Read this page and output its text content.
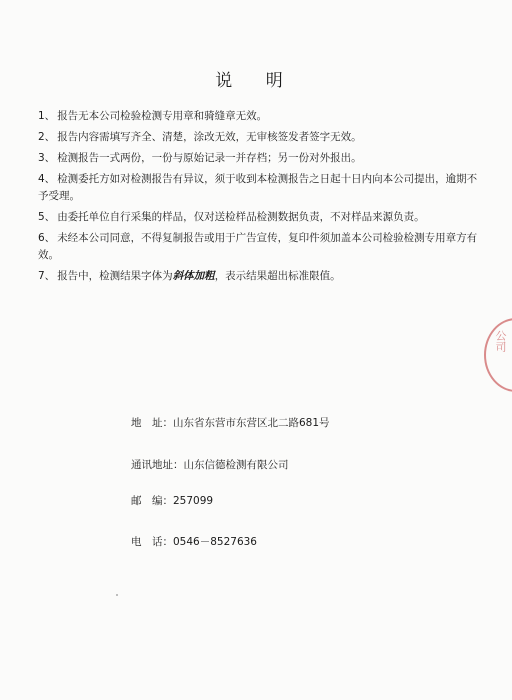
说 明

1、 报告无本公司检验检测专用章和骑缝章无效。

2、 报告内容需填写齐全、清楚，涂改无效，无审核签发者签字无效。

3、 检测报告一式两份，一份与原始记录一并存档；另一份对外报出。

4、 检测委托方如对检测报告有异议，须于收到本检测报告之日起十日内向本公司提出，逾期不予受理。

5、 由委托单位自行采集的样品，仅对送检样品检测数据负责，不对样品来源负责。

6、 未经本公司同意，不得复制报告或用于广告宣传，复印件须加盖本公司检验检测专用章方有效。

7、 报告中，检测结果字体为斜体加粗，表示结果超出标准限值。

地　址：山东省东营市东营区北二路681号
通讯地址：山东信德检测有限公司
邮　编：257099
电　话：0546－8527636
公司
